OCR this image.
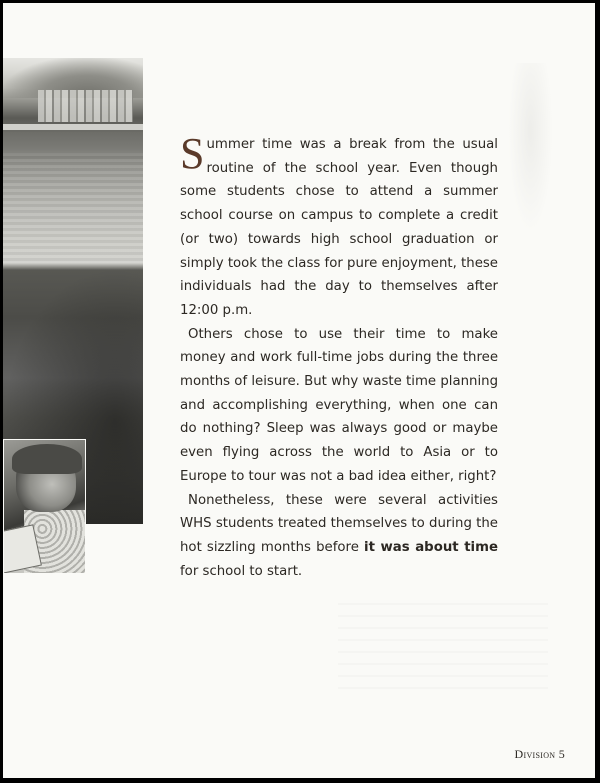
Summer time was a break from the usual routine of the school year. Even though some students chose to attend a summer school course on campus to complete a credit (or two) towards high school graduation or simply took the class for pure enjoyment, these individuals had the day to themselves after 12:00 p.m.

Others chose to use their time to make money and work full-time jobs during the three months of leisure. But why waste time planning and accomplishing everything, when one can do nothing? Sleep was always good or maybe even flying across the world to Asia or to Europe to tour was not a bad idea either, right?

Nonetheless, these were several activities WHS students treated themselves to during the hot sizzling months before it was about time for school to start.

Division 5
